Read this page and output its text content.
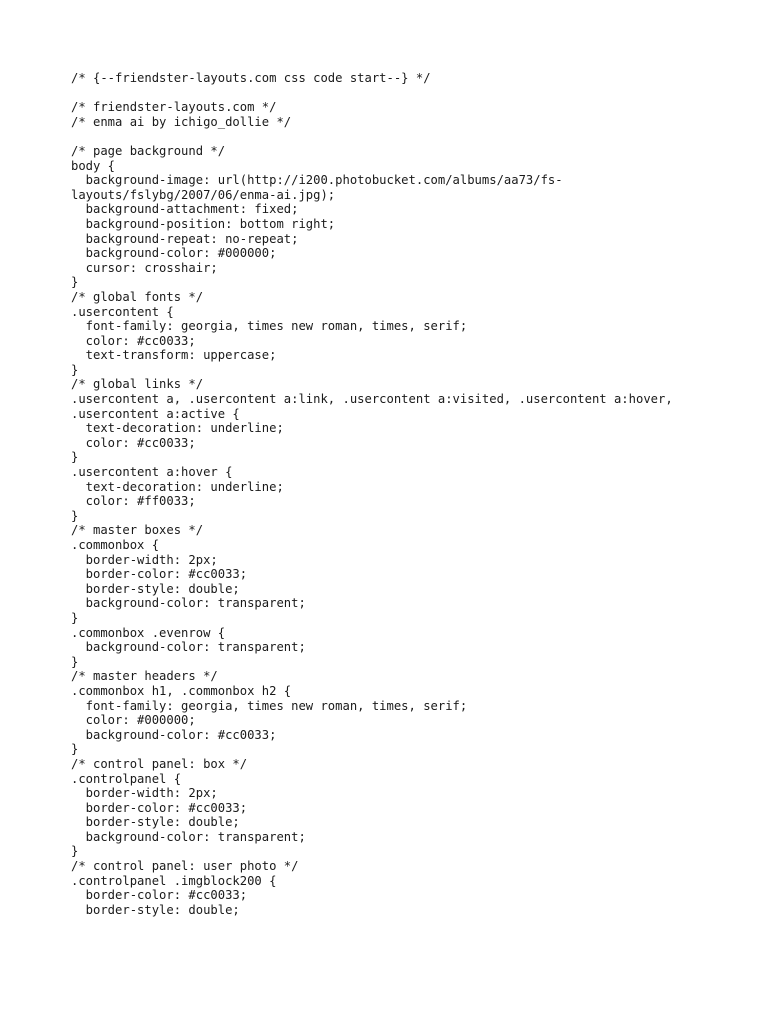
/* {--friendster-layouts.com css code start--} */
/* friendster-layouts.com */
/* enma ai by ichigo_dollie */
/* page background */
body {
background-image: url(http://i200.photobucket.com/albums/aa73/fs-
layouts/fslybg/2007/06/enma-ai.jpg);
background-attachment: fixed;
background-position: bottom right;
background-repeat: no-repeat;
background-color: #000000;
cursor: crosshair;
}
/* global fonts */
.usercontent {
font-family: georgia, times new roman, times, serif;
color: #cc0033;
text-transform: uppercase;
}
/* global links */
.usercontent a, .usercontent a:link, .usercontent a:visited, .usercontent a:hover,
.usercontent a:active {
text-decoration: underline;
color: #cc0033;
}
.usercontent a:hover {
text-decoration: underline;
color: #ff0033;
}
/* master boxes */
.commonbox {
border-width: 2px;
border-color: #cc0033;
border-style: double;
background-color: transparent;
}
.commonbox .evenrow {
background-color: transparent;
}
/* master headers */
.commonbox h1, .commonbox h2 {
font-family: georgia, times new roman, times, serif;
color: #000000;
background-color: #cc0033;
}
/* control panel: box */
.controlpanel {
border-width: 2px;
border-color: #cc0033;
border-style: double;
background-color: transparent;
}
/* control panel: user photo */
.controlpanel .imgblock200 {
border-color: #cc0033;
border-style: double;
